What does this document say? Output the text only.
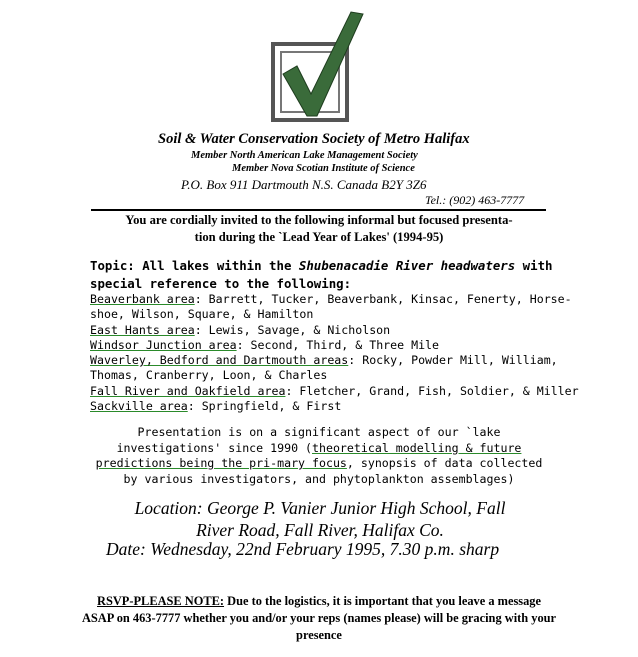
Soil & Water Conservation Society of Metro Halifax
Member North American Lake Management Society
Member Nova Scotian Institute of Science
P.O. Box 911 Dartmouth N.S. Canada B2Y 3Z6
Tel.: (902) 463-7777
You are cordially invited to the following informal but focused presenta-
tion during the `Lead Year of Lakes' (1994-95)
Topic: All lakes within the Shubenacadie River headwaters with
special reference to the following:
Beaverbank area: Barrett, Tucker, Beaverbank, Kinsac, Fenerty, Horse-
shoe, Wilson, Square, & Hamilton
East Hants area: Lewis, Savage, & Nicholson
Windsor Junction area: Second, Third, & Three Mile
Waverley, Bedford and Dartmouth areas: Rocky, Powder Mill, William,
Thomas, Cranberry, Loon, & Charles
Fall River and Oakfield area: Fletcher, Grand, Fish, Soldier, & Miller
Sackville area: Springfield, & First
Presentation is on a significant aspect of our `lake investigations' since 1990 (theoretical modelling & future predictions being the pri-mary focus, synopsis of data collected by various investigators, and phytoplankton assemblages)
Location: George P. Vanier Junior High School, Fall
River Road, Fall River, Halifax Co.
Date: Wednesday, 22nd February 1995, 7.30 p.m. sharp
RSVP-PLEASE NOTE: Due to the logistics, it is important that you leave a message ASAP on 463-7777 whether you and/or your reps (names please) will be gracing with your presence
